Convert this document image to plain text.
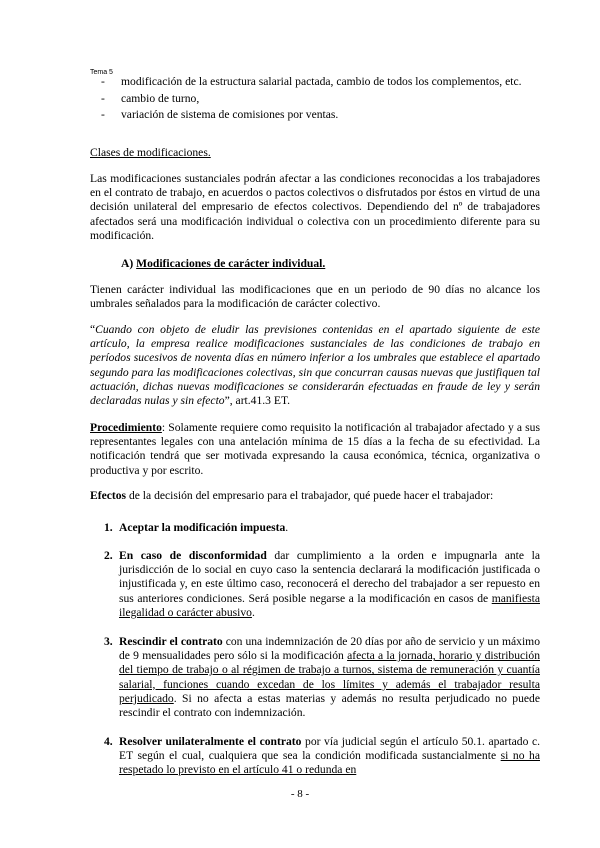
Tema 5
- modificación de la estructura salarial pactada, cambio de todos los complementos, etc.
- cambio de turno,
- variación de sistema de comisiones por ventas.
Clases de modificaciones.
Las modificaciones sustanciales podrán afectar a las condiciones reconocidas a los trabajadores en el contrato de trabajo, en acuerdos o pactos colectivos o disfrutados por éstos en virtud de una decisión unilateral del empresario de efectos colectivos. Dependiendo del nº de trabajadores afectados será una modificación individual o colectiva con un procedimiento diferente para su modificación.
A) Modificaciones de carácter individual.
Tienen carácter individual las modificaciones que en un periodo de 90 días no alcance los umbrales señalados para la modificación de carácter colectivo.
“Cuando con objeto de eludir las previsiones contenidas en el apartado siguiente de este artículo, la empresa realice modificaciones sustanciales de las condiciones de trabajo en períodos sucesivos de noventa días en número inferior a los umbrales que establece el apartado segundo para las modificaciones colectivas, sin que concurran causas nuevas que justifiquen tal actuación, dichas nuevas modificaciones se considerarán efectuadas en fraude de ley y serán declaradas nulas y sin efecto”, art.41.3 ET.
Procedimiento: Solamente requiere como requisito la notificación al trabajador afectado y a sus representantes legales con una antelación mínima de 15 días a la fecha de su efectividad. La notificación tendrá que ser motivada expresando la causa económica, técnica, organizativa o productiva y por escrito.
Efectos de la decisión del empresario para el trabajador, qué puede hacer el trabajador:
1. Aceptar la modificación impuesta.
2. En caso de disconformidad dar cumplimiento a la orden e impugnarla ante la jurisdicción de lo social en cuyo caso la sentencia declarará la modificación justificada o injustificada y, en este último caso, reconocerá el derecho del trabajador a ser repuesto en sus anteriores condiciones. Será posible negarse a la modificación en casos de manifiesta ilegalidad o carácter abusivo.
3. Rescindir el contrato con una indemnización de 20 días por año de servicio y un máximo de 9 mensualidades pero sólo si la modificación afecta a la jornada, horario y distribución del tiempo de trabajo o al régimen de trabajo a turnos, sistema de remuneración y cuantía salarial, funciones cuando excedan de los límites y además el trabajador resulta perjudicado. Si no afecta a estas materias y además no resulta perjudicado no puede rescindir el contrato con indemnización.
4. Resolver unilateralmente el contrato por vía judicial según el artículo 50.1. apartado c. ET según el cual, cualquiera que sea la condición modificada sustancialmente si no ha respetado lo previsto en el artículo 41 o redunda en
- 8 -
